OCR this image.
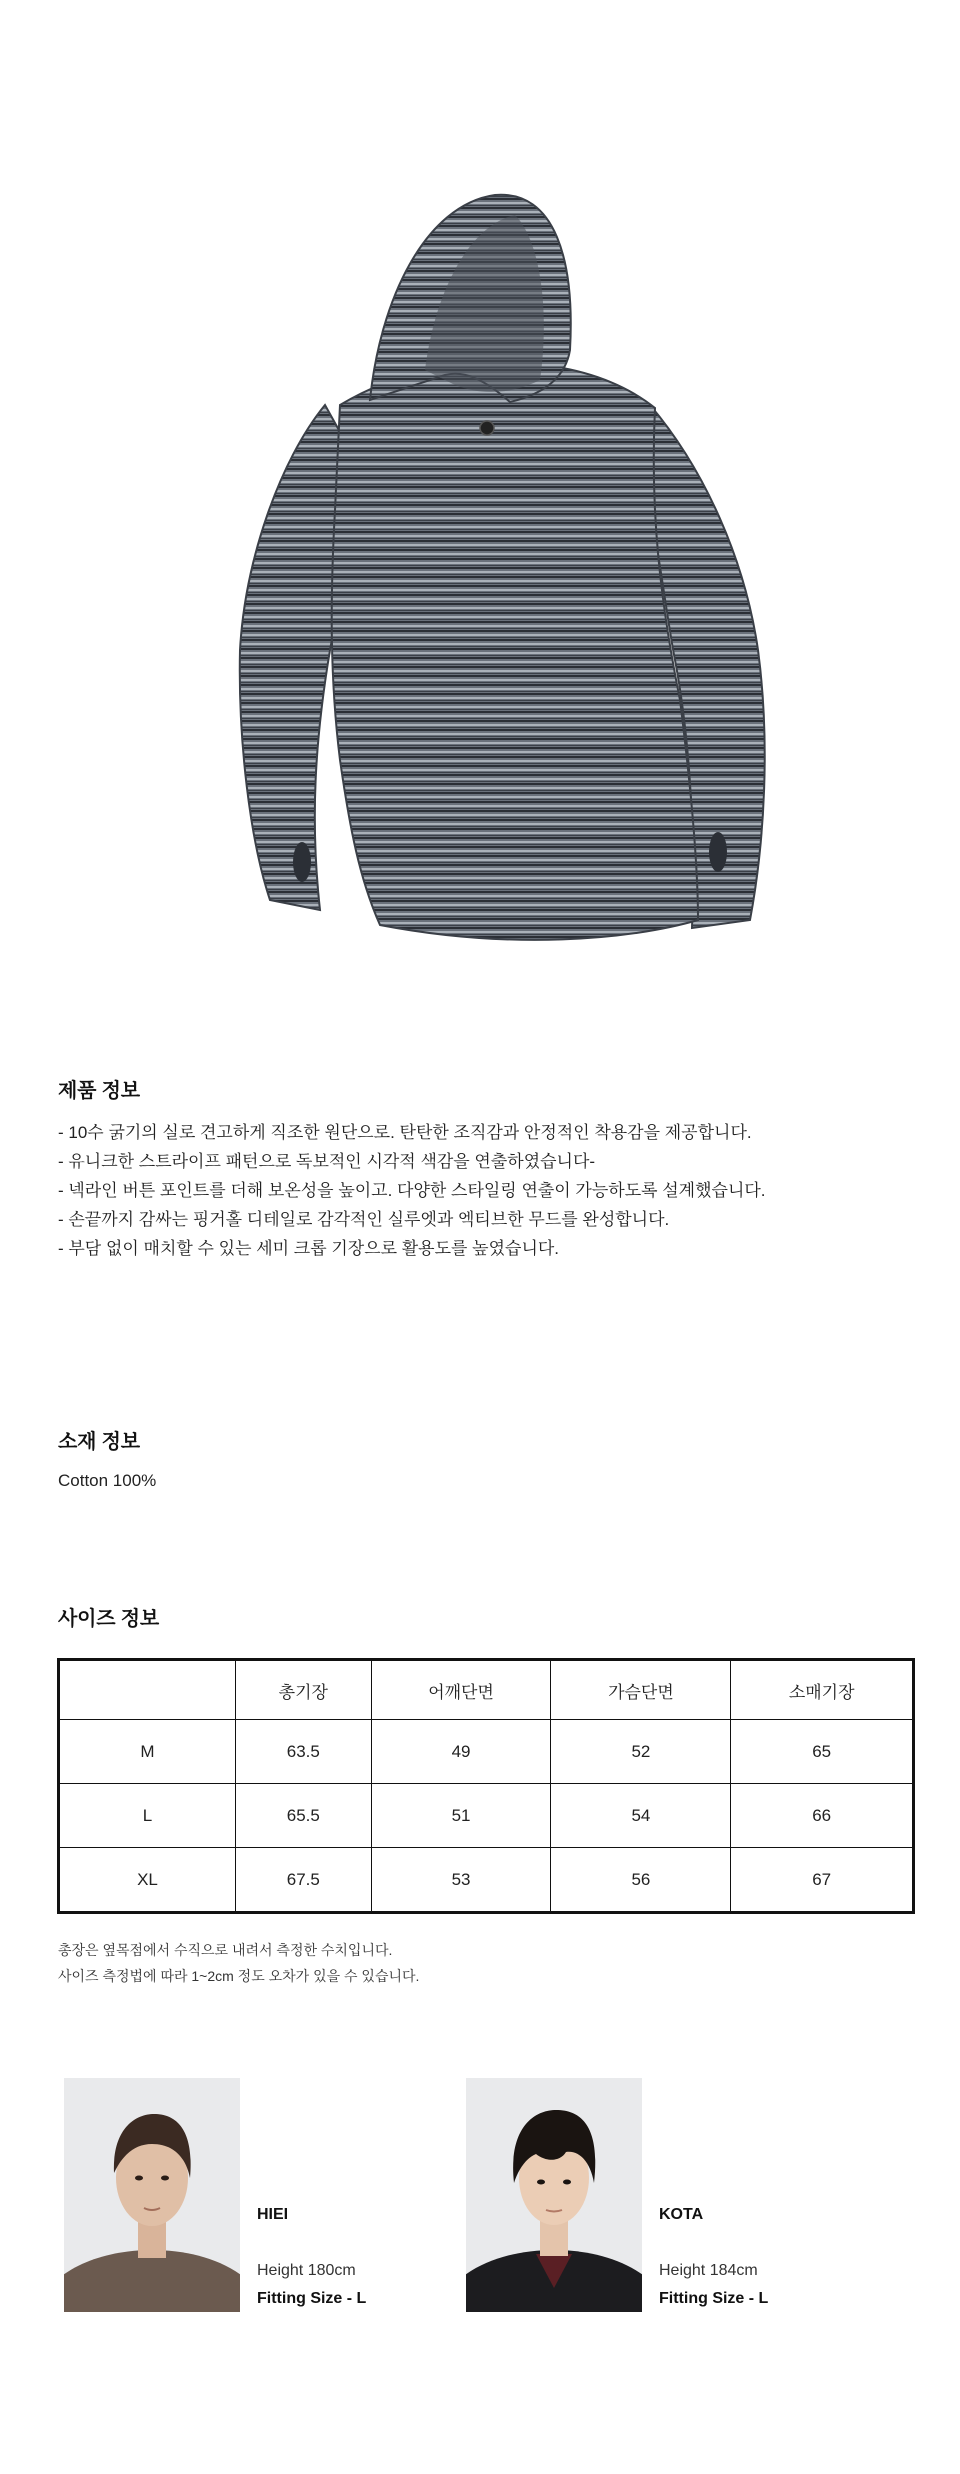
제품 정보
- 10수 굵기의 실로 견고하게 직조한 원단으로. 탄탄한 조직감과 안정적인 착용감을 제공합니다.
- 유니크한 스트라이프 패턴으로 독보적인 시각적 색감을 연출하였습니다-
- 넥라인 버튼 포인트를 더해 보온성을 높이고. 다양한 스타일링 연출이 가능하도록 설계했습니다.
- 손끝까지 감싸는 핑거홀 디테일로 감각적인 실루엣과 엑티브한 무드를 완성합니다.
- 부담 없이 매치할 수 있는 세미 크롭 기장으로 활용도를 높였습니다.
소재 정보
Cotton 100%
사이즈 정보
	총기장	어깨단면	가슴단면	소매기장
M	63.5	49	52	65
L	65.5	51	54	66
XL	67.5	53	56	67
총장은 옆목점에서 수직으로 내려서 측정한 수치입니다.
사이즈 측정법에 따라 1~2cm 정도 오차가 있을 수 있습니다.
HIEI
Height 180cm
Fitting Size - L
KOTA
Height 184cm
Fitting Size - L
